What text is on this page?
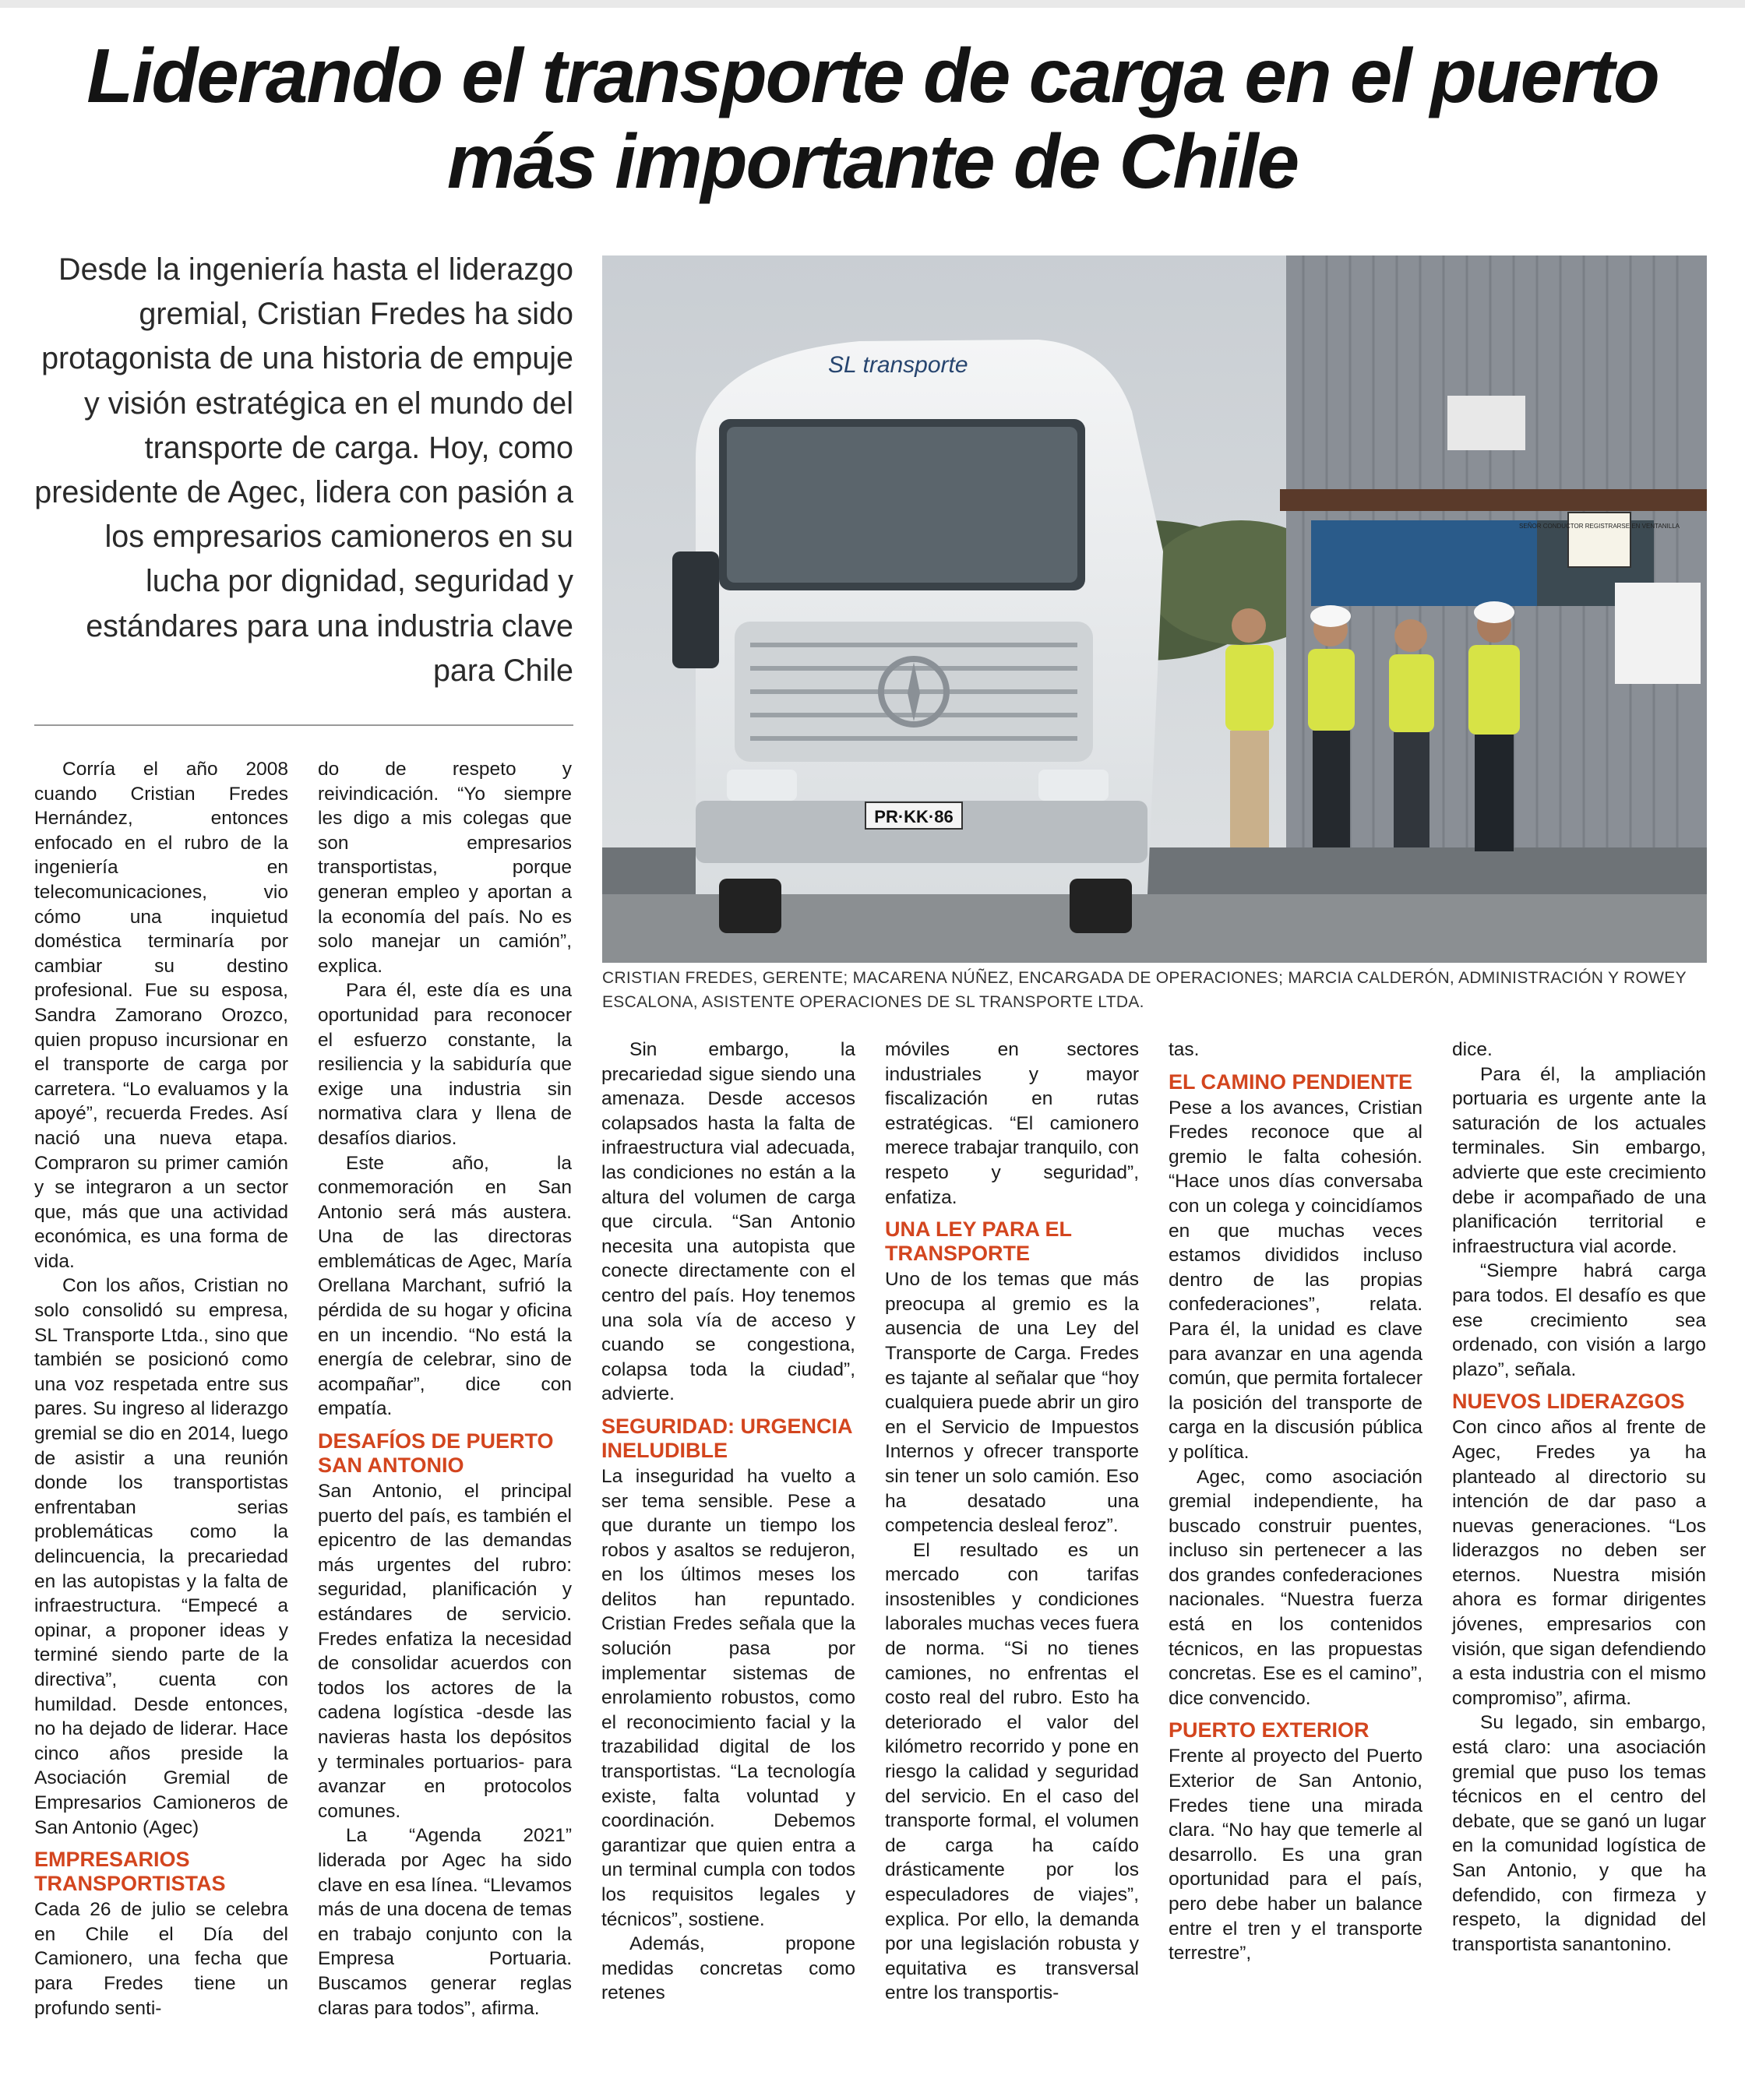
Liderando el transporte de carga en el puerto
más importante de Chile

Desde la ingeniería hasta el liderazgo gremial, Cristian Fredes ha sido protagonista de una historia de empuje y visión estratégica en el mundo del transporte de carga. Hoy, como presidente de Agec, lidera con pasión a los empresarios camioneros en su lucha por dignidad, seguridad y estándares para una industria clave para Chile

SEÑOR CONDUCTOR REGISTRARSE EN VENTANILLA
PR·KK·86
SL transporte

CRISTIAN FREDES, GERENTE; MACARENA NÚÑEZ, ENCARGADA DE OPERACIONES; MARCIA CALDERÓN, ADMINISTRACIÓN Y ROWEY ESCALONA, ASISTENTE OPERACIONES DE SL TRANSPORTE LTDA.

Corría el año 2008 cuando Cristian Fredes Hernández, entonces enfocado en el rubro de la ingeniería en telecomunicaciones, vio cómo una inquietud doméstica terminaría por cambiar su destino profesional. Fue su esposa, Sandra Zamorano Orozco, quien propuso incursionar en el transporte de carga por carretera. “Lo evaluamos y la apoyé”, recuerda Fredes. Así nació una nueva etapa. Compraron su primer camión y se integraron a un sector que, más que una actividad económica, es una forma de vida.

Con los años, Cristian no solo consolidó su empresa, SL Transporte Ltda., sino que también se posicionó como una voz respetada entre sus pares. Su ingreso al liderazgo gremial se dio en 2014, luego de asistir a una reunión donde los transportistas enfrentaban serias problemáticas como la delincuencia, la precariedad en las autopistas y la falta de infraestructura. “Empecé a opinar, a proponer ideas y terminé siendo parte de la directiva”, cuenta con humildad. Desde entonces, no ha dejado de liderar. Hace cinco años preside la Asociación Gremial de Empresarios Camioneros de San Antonio (Agec)

EMPRESARIOS TRANSPORTISTAS

Cada 26 de julio se celebra en Chile el Día del Camionero, una fecha que para Fredes tiene un profundo senti-

do de respeto y reivindicación. “Yo siempre les digo a mis colegas que son empresarios transportistas, porque generan empleo y aportan a la economía del país. No es solo manejar un camión”, explica.

Para él, este día es una oportunidad para reconocer el esfuerzo constante, la resiliencia y la sabiduría que exige una industria sin normativa clara y llena de desafíos diarios.

Este año, la conmemoración en San Antonio será más austera. Una de las directoras emblemáticas de Agec, María Orellana Marchant, sufrió la pérdida de su hogar y oficina en un incendio. “No está la energía de celebrar, sino de acompañar”, dice con empatía.

DESAFÍOS DE PUERTO SAN ANTONIO

San Antonio, el principal puerto del país, es también el epicentro de las demandas más urgentes del rubro: seguridad, planificación y estándares de servicio. Fredes enfatiza la necesidad de consolidar acuerdos con todos los actores de la cadena logística -desde las navieras hasta los depósitos y terminales portuarios- para avanzar en protocolos comunes.

La “Agenda 2021” liderada por Agec ha sido clave en esa línea. “Llevamos más de una docena de temas en trabajo conjunto con la Empresa Portuaria. Buscamos generar reglas claras para todos”, afirma.

Sin embargo, la precariedad sigue siendo una amenaza. Desde accesos colapsados hasta la falta de infraestructura vial adecuada, las condiciones no están a la altura del volumen de carga que circula. “San Antonio necesita una autopista que conecte directamente con el centro del país. Hoy tenemos una sola vía de acceso y cuando se congestiona, colapsa toda la ciudad”, advierte.

SEGURIDAD: URGENCIA INELUDIBLE

La inseguridad ha vuelto a ser tema sensible. Pese a que durante un tiempo los robos y asaltos se redujeron, en los últimos meses los delitos han repuntado. Cristian Fredes señala que la solución pasa por implementar sistemas de enrolamiento robustos, como el reconocimiento facial y la trazabilidad digital de los transportistas. “La tecnología existe, falta voluntad y coordinación. Debemos garantizar que quien entra a un terminal cumpla con todos los requisitos legales y técnicos”, sostiene.

Además, propone medidas concretas como retenes

móviles en sectores industriales y mayor fiscalización en rutas estratégicas. “El camionero merece trabajar tranquilo, con respeto y seguridad”, enfatiza.

UNA LEY PARA EL TRANSPORTE

Uno de los temas que más preocupa al gremio es la ausencia de una Ley del Transporte de Carga. Fredes es tajante al señalar que “hoy cualquiera puede abrir un giro en el Servicio de Impuestos Internos y ofrecer transporte sin tener un solo camión. Eso ha desatado una competencia desleal feroz”.

El resultado es un mercado con tarifas insostenibles y condiciones laborales muchas veces fuera de norma. “Si no tienes camiones, no enfrentas el costo real del rubro. Esto ha deteriorado el valor del kilómetro recorrido y pone en riesgo la calidad y seguridad del servicio. En el caso del transporte formal, el volumen de carga ha caído drásticamente por los especuladores de viajes”, explica. Por ello, la demanda por una legislación robusta y equitativa es transversal entre los transportis-

tas.

EL CAMINO PENDIENTE

Pese a los avances, Cristian Fredes reconoce que al gremio le falta cohesión. “Hace unos días conversaba con un colega y coincidíamos en que muchas veces estamos divididos incluso dentro de las propias confederaciones”, relata. Para él, la unidad es clave para avanzar en una agenda común, que permita fortalecer la posición del transporte de carga en la discusión pública y política.

Agec, como asociación gremial independiente, ha buscado construir puentes, incluso sin pertenecer a las dos grandes confederaciones nacionales. “Nuestra fuerza está en los contenidos técnicos, en las propuestas concretas. Ese es el camino”, dice convencido.

PUERTO EXTERIOR

Frente al proyecto del Puerto Exterior de San Antonio, Fredes tiene una mirada clara. “No hay que temerle al desarrollo. Es una gran oportunidad para el país, pero debe haber un balance entre el tren y el transporte terrestre”,

dice.

Para él, la ampliación portuaria es urgente ante la saturación de los actuales terminales. Sin embargo, advierte que este crecimiento debe ir acompañado de una planificación territorial e infraestructura vial acorde.

“Siempre habrá carga para todos. El desafío es que ese crecimiento sea ordenado, con visión a largo plazo”, señala.

NUEVOS LIDERAZGOS

Con cinco años al frente de Agec, Fredes ya ha planteado al directorio su intención de dar paso a nuevas generaciones. “Los liderazgos no deben ser eternos. Nuestra misión ahora es formar dirigentes jóvenes, empresarios con visión, que sigan defendiendo a esta industria con el mismo compromiso”, afirma.

Su legado, sin embargo, está claro: una asociación gremial que puso los temas técnicos en el centro del debate, que se ganó un lugar en la comunidad logística de San Antonio, y que ha defendido, con firmeza y respeto, la dignidad del transportista sanantonino.
